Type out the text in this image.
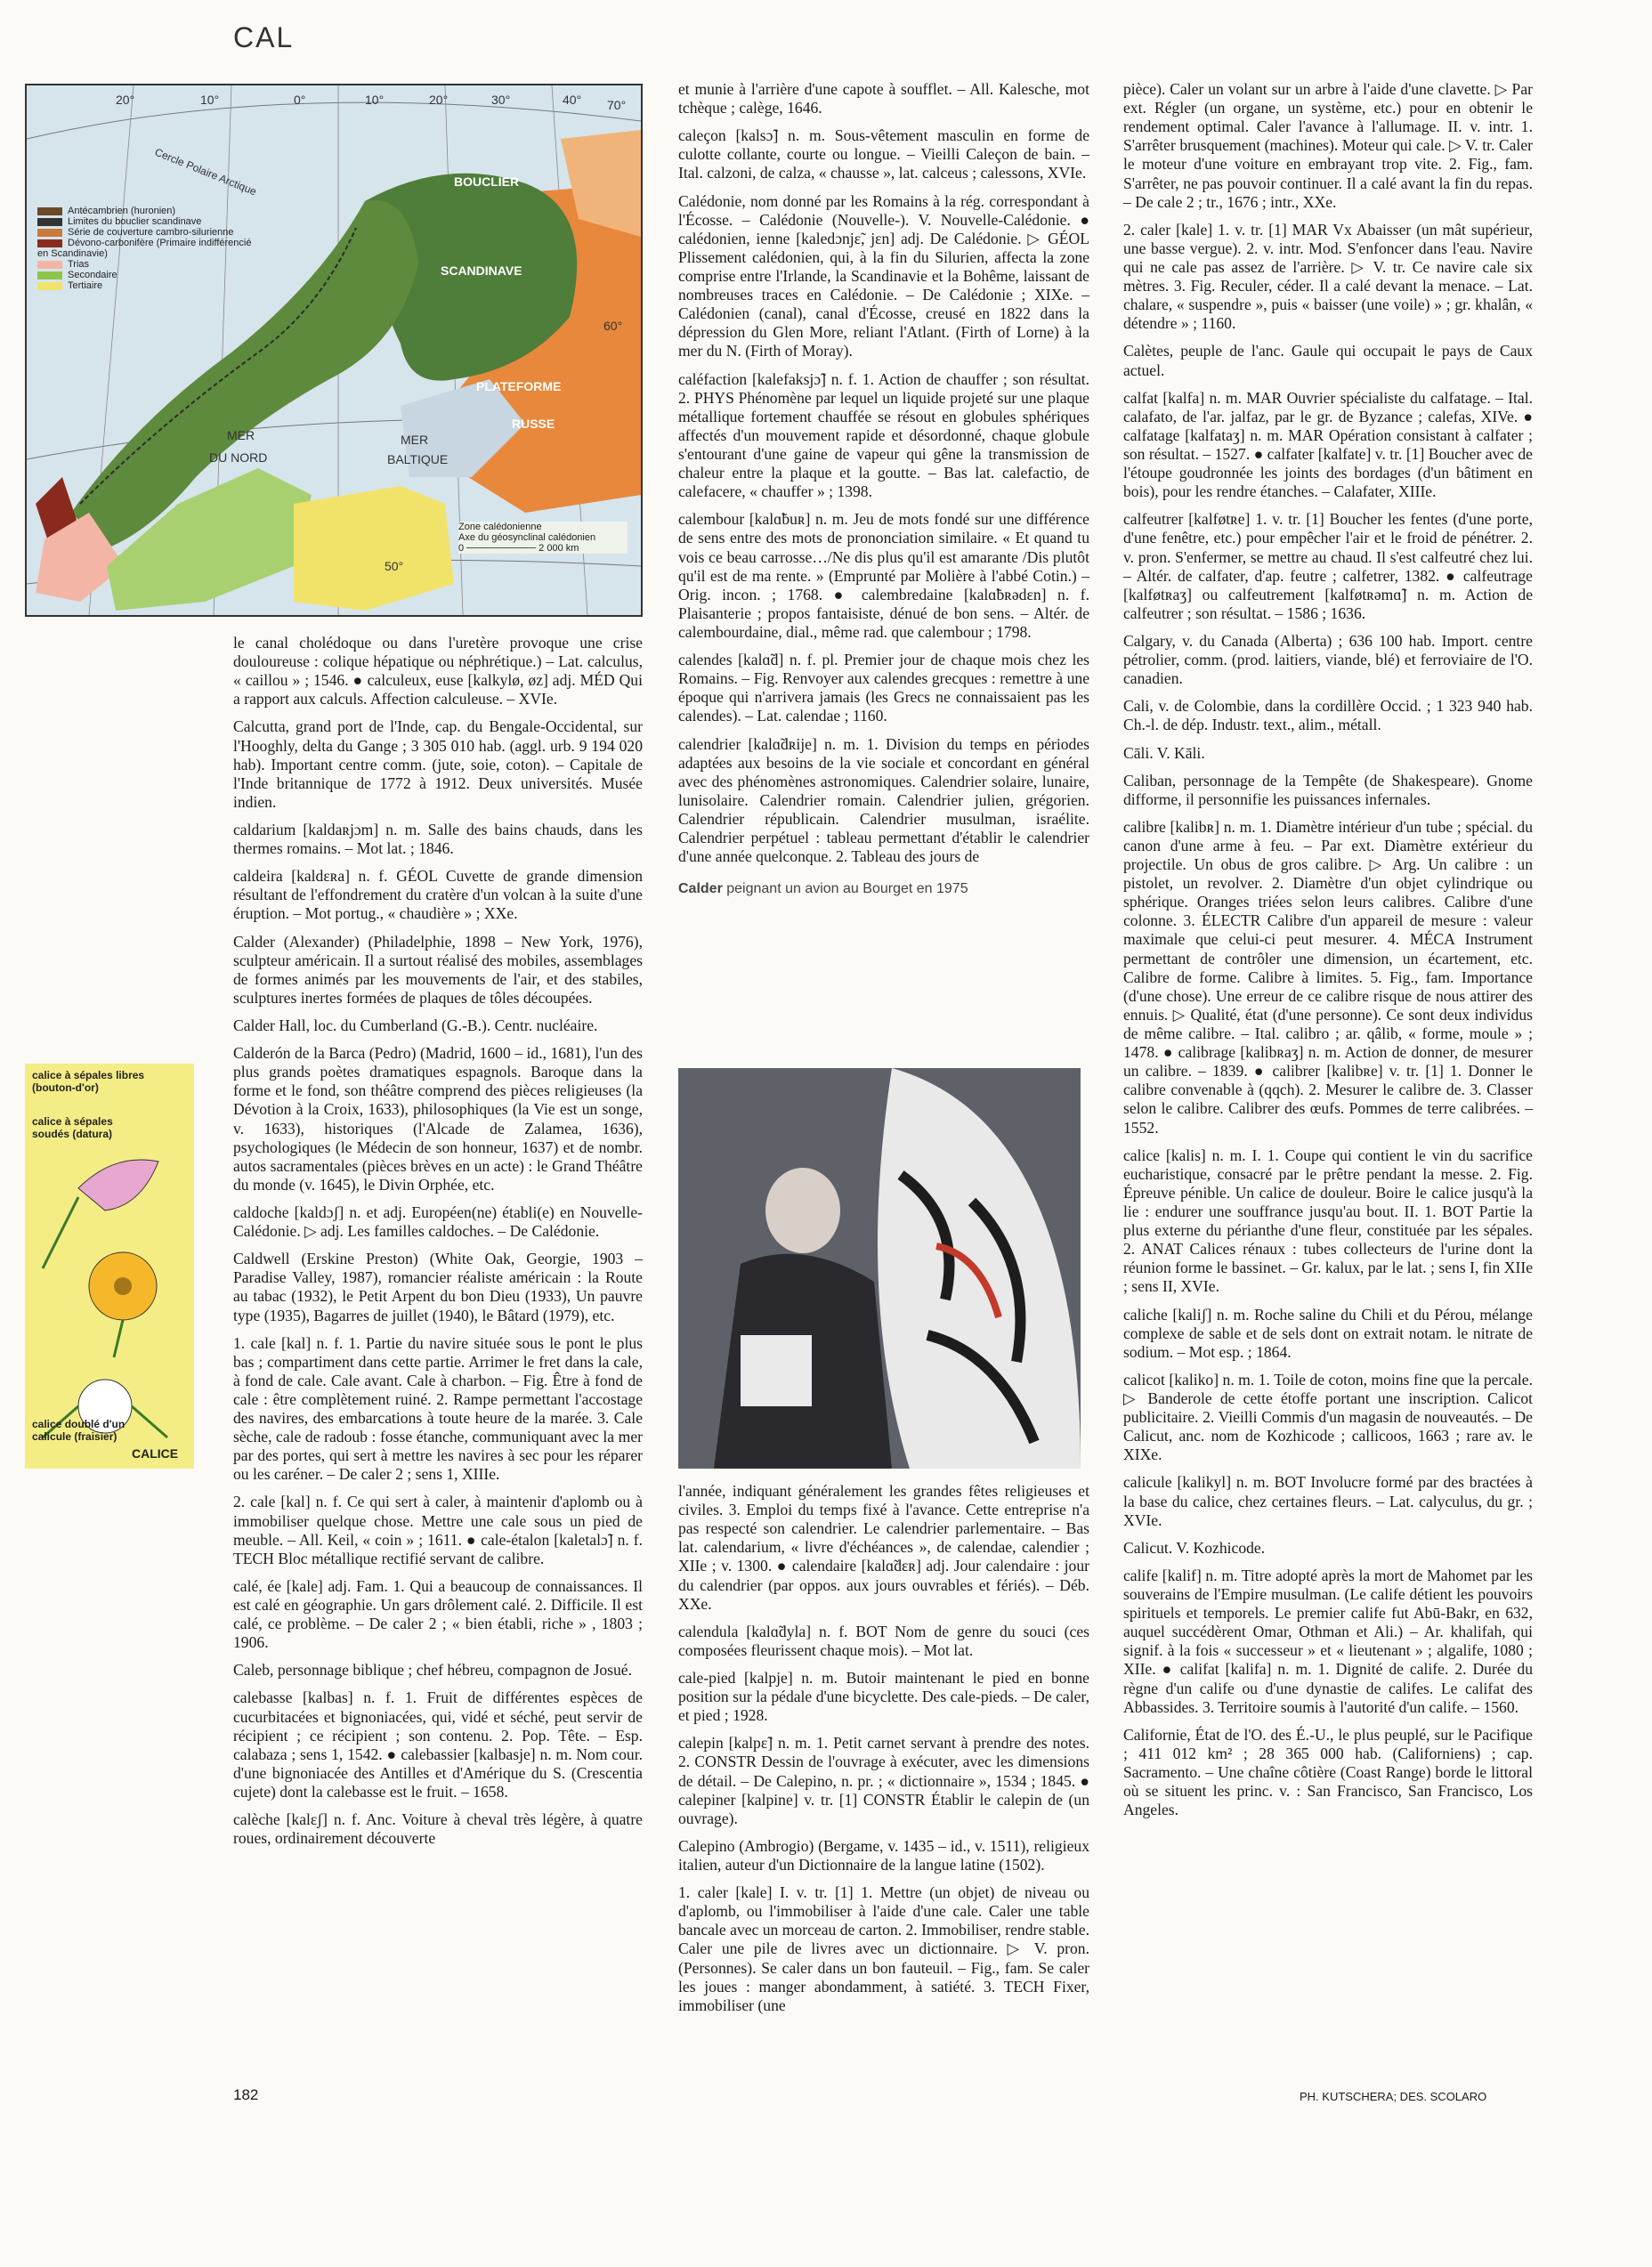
CAL
20°	10°	0°	10°	20°	30°	40° 70°
Cercle Polaire Arctique	BOUCLIER
SCANDINAVE
PLATEFORME
RUSSE
MER
DU NORD
MER
BALTIQUE
60°
50°
Antécambrien (huronien)
Limites du bouclier scandinave
Série de couverture cambro-silurienne
Dévono-carbonifère (Primaire indifférencié en Scandinavie)
Trias
Secondaire
Tertiaire
Zone calédonienne
Axe du géosynclinal calédonien
0 ────────── 2 000 km
calice à sépales libres (bouton-d'or)
calice à sépales soudés (datura)
calice doublé d'un calicule (fraisier)
CALICE

le canal cholédoque ou dans l'uretère provoque une crise douloureuse : colique hépatique ou néphrétique.) – Lat. calculus, « caillou » ; 1546. ● calculeux, euse [kalkylø, øz] adj. MÉD Qui a rapport aux calculs. Affection calculeuse. – XVIe.

Calcutta, grand port de l'Inde, cap. du Bengale-Occidental, sur l'Hooghly, delta du Gange ; 3 305 010 hab. (aggl. urb. 9 194 020 hab). Important centre comm. (jute, soie, coton). – Capitale de l'Inde britannique de 1772 à 1912. Deux universités. Musée indien.

caldarium [kaldaʀjɔm] n. m. Salle des bains chauds, dans les thermes romains. – Mot lat. ; 1846.

caldeira [kaldɛʀa] n. f. GÉOL Cuvette de grande dimension résultant de l'effondrement du cratère d'un volcan à la suite d'une éruption. – Mot portug., « chaudière » ; XXe.

Calder (Alexander) (Philadelphie, 1898 – New York, 1976), sculpteur américain. Il a surtout réalisé des mobiles, assemblages de formes animés par les mouvements de l'air, et des stabiles, sculptures inertes formées de plaques de tôles découpées.

Calder Hall, loc. du Cumberland (G.-B.). Centr. nucléaire.

Calderón de la Barca (Pedro) (Madrid, 1600 – id., 1681), l'un des plus grands poètes dramatiques espagnols. Baroque dans la forme et le fond, son théâtre comprend des pièces religieuses (la Dévotion à la Croix, 1633), philosophiques (la Vie est un songe, v. 1633), historiques (l'Alcade de Zalamea, 1636), psychologiques (le Médecin de son honneur, 1637) et de nombr. autos sacramentales (pièces brèves en un acte) : le Grand Théâtre du monde (v. 1645), le Divin Orphée, etc.

caldoche [kaldɔʃ] n. et adj. Européen(ne) établi(e) en Nouvelle-Calédonie. ▷ adj. Les familles caldoches. – De Calédonie.

Caldwell (Erskine Preston) (White Oak, Georgie, 1903 – Paradise Valley, 1987), romancier réaliste américain : la Route au tabac (1932), le Petit Arpent du bon Dieu (1933), Un pauvre type (1935), Bagarres de juillet (1940), le Bâtard (1979), etc.

1. cale [kal] n. f. 1. Partie du navire située sous le pont le plus bas ; compartiment dans cette partie. Arrimer le fret dans la cale, à fond de cale. Cale avant. Cale à charbon. – Fig. Être à fond de cale : être complètement ruiné. 2. Rampe permettant l'accostage des navires, des embarcations à toute heure de la marée. 3. Cale sèche, cale de radoub : fosse étanche, communiquant avec la mer par des portes, qui sert à mettre les navires à sec pour les réparer ou les caréner. – De caler 2 ; sens 1, XIIIe.

2. cale [kal] n. f. Ce qui sert à caler, à maintenir d'aplomb ou à immobiliser quelque chose. Mettre une cale sous un pied de meuble. – All. Keil, « coin » ; 1611. ● cale-étalon [kaletalɔ̃] n. f. TECH Bloc métallique rectifié servant de calibre.

calé, ée [kale] adj. Fam. 1. Qui a beaucoup de connaissances. Il est calé en géographie. Un gars drôlement calé. 2. Difficile. Il est calé, ce problème. – De caler 2 ; « bien établi, riche » , 1803 ; 1906.

Caleb, personnage biblique ; chef hébreu, compagnon de Josué.

calebasse [kalbas] n. f. 1. Fruit de différentes espèces de cucurbitacées et bignoniacées, qui, vidé et séché, peut servir de récipient ; ce récipient ; son contenu. 2. Pop. Tête. – Esp. calabaza ; sens 1, 1542. ● calebassier [kalbasje] n. m. Nom cour. d'une bignoniacée des Antilles et d'Amérique du S. (Crescentia cujete) dont la calebasse est le fruit. – 1658.

calèche [kalɛʃ] n. f. Anc. Voiture à cheval très légère, à quatre roues, ordinairement découverte

et munie à l'arrière d'une capote à soufflet. – All. Kalesche, mot tchèque ; calège, 1646.

caleçon [kalsɔ̃] n. m. Sous-vêtement masculin en forme de culotte collante, courte ou longue. – Vieilli Caleçon de bain. – Ital. calzoni, de calza, « chausse », lat. calceus ; calessons, XVIe.

Calédonie, nom donné par les Romains à la rég. correspondant à l'Écosse. – Calédonie (Nouvelle-). V. Nouvelle-Calédonie. ● calédonien, ienne [kaledɔnjɛ̃, jɛn] adj. De Calédonie. ▷ GÉOL Plissement calédonien, qui, à la fin du Silurien, affecta la zone comprise entre l'Irlande, la Scandinavie et la Bohême, laissant de nombreuses traces en Calédonie. – De Calédonie ; XIXe. – Calédonien (canal), canal d'Écosse, creusé en 1822 dans la dépression du Glen More, reliant l'Atlant. (Firth of Lorne) à la mer du N. (Firth of Moray).

caléfaction [kalefaksjɔ̃] n. f. 1. Action de chauffer ; son résultat. 2. PHYS Phénomène par lequel un liquide projeté sur une plaque métallique fortement chauffée se résout en globules sphériques affectés d'un mouvement rapide et désordonné, chaque globule s'entourant d'une gaine de vapeur qui gêne la transmission de chaleur entre la plaque et la goutte. – Bas lat. calefactio, de calefacere, « chauffer » ; 1398.

calembour [kalɑ̃buʀ] n. m. Jeu de mots fondé sur une différence de sens entre des mots de prononciation similaire. « Et quand tu vois ce beau carrosse…/Ne dis plus qu'il est amarante /Dis plutôt qu'il est de ma rente. » (Emprunté par Molière à l'abbé Cotin.) – Orig. incon. ; 1768. ● calembredaine [kalɑ̃bʀədɛn] n. f. Plaisanterie ; propos fantaisiste, dénué de bon sens. – Altér. de calembourdaine, dial., même rad. que calembour ; 1798.

calendes [kalɑ̃d] n. f. pl. Premier jour de chaque mois chez les Romains. – Fig. Renvoyer aux calendes grecques : remettre à une époque qui n'arrivera jamais (les Grecs ne connaissaient pas les calendes). – Lat. calendae ; 1160.

calendrier [kalɑ̃dʀije] n. m. 1. Division du temps en périodes adaptées aux besoins de la vie sociale et concordant en général avec des phénomènes astronomiques. Calendrier solaire, lunaire, lunisolaire. Calendrier romain. Calendrier julien, grégorien. Calendrier républicain. Calendrier musulman, israélite. Calendrier perpétuel : tableau permettant d'établir le calendrier d'une année quelconque. 2. Tableau des jours de

Calder peignant un avion au Bourget en 1975

l'année, indiquant généralement les grandes fêtes religieuses et civiles. 3. Emploi du temps fixé à l'avance. Cette entreprise n'a pas respecté son calendrier. Le calendrier parlementaire. – Bas lat. calendarium, « livre d'échéances », de calendae, calendier ; XIIe ; v. 1300. ● calendaire [kalɑ̃dɛʀ] adj. Jour calendaire : jour du calendrier (par oppos. aux jours ouvrables et fériés). – Déb. XXe.

calendula [kalɑ̃dyla] n. f. BOT Nom de genre du souci (ces composées fleurissent chaque mois). – Mot lat.

cale-pied [kalpje] n. m. Butoir maintenant le pied en bonne position sur la pédale d'une bicyclette. Des cale-pieds. – De caler, et pied ; 1928.

calepin [kalpɛ̃] n. m. 1. Petit carnet servant à prendre des notes. 2. CONSTR Dessin de l'ouvrage à exécuter, avec les dimensions de détail. – De Calepino, n. pr. ; « dictionnaire », 1534 ; 1845. ● calepiner [kalpine] v. tr. [1] CONSTR Établir le calepin de (un ouvrage).

Calepino (Ambrogio) (Bergame, v. 1435 – id., v. 1511), religieux italien, auteur d'un Dictionnaire de la langue latine (1502).

1. caler [kale] I. v. tr. [1] 1. Mettre (un objet) de niveau ou d'aplomb, ou l'immobiliser à l'aide d'une cale. Caler une table bancale avec un morceau de carton. 2. Immobiliser, rendre stable. Caler une pile de livres avec un dictionnaire. ▷ V. pron. (Personnes). Se caler dans un bon fauteuil. – Fig., fam. Se caler les joues : manger abondamment, à satiété. 3. TECH Fixer, immobiliser (une

pièce). Caler un volant sur un arbre à l'aide d'une clavette. ▷ Par ext. Régler (un organe, un système, etc.) pour en obtenir le rendement optimal. Caler l'avance à l'allumage. II. v. intr. 1. S'arrêter brusquement (machines). Moteur qui cale. ▷ V. tr. Caler le moteur d'une voiture en embrayant trop vite. 2. Fig., fam. S'arrêter, ne pas pouvoir continuer. Il a calé avant la fin du repas. – De cale 2 ; tr., 1676 ; intr., XXe.

2. caler [kale] 1. v. tr. [1] MAR Vx Abaisser (un mât supérieur, une basse vergue). 2. v. intr. Mod. S'enfoncer dans l'eau. Navire qui ne cale pas assez de l'arrière. ▷ V. tr. Ce navire cale six mètres. 3. Fig. Reculer, céder. Il a calé devant la menace. – Lat. chalare, « suspendre », puis « baisser (une voile) » ; gr. khalân, « détendre » ; 1160.

Calètes, peuple de l'anc. Gaule qui occupait le pays de Caux actuel.

calfat [kalfa] n. m. MAR Ouvrier spécialiste du calfatage. – Ital. calafato, de l'ar. jalfaz, par le gr. de Byzance ; calefas, XIVe. ● calfatage [kalfataʒ] n. m. MAR Opération consistant à calfater ; son résultat. – 1527. ● calfater [kalfate] v. tr. [1] Boucher avec de l'étoupe goudronnée les joints des bordages (d'un bâtiment en bois), pour les rendre étanches. – Calafater, XIIIe.

calfeutrer [kalføtʀe] 1. v. tr. [1] Boucher les fentes (d'une porte, d'une fenêtre, etc.) pour empêcher l'air et le froid de pénétrer. 2. v. pron. S'enfermer, se mettre au chaud. Il s'est calfeutré chez lui. – Altér. de calfater, d'ap. feutre ; calfetrer, 1382. ● calfeutrage [kalføtʀaʒ] ou calfeutrement [kalføtʀəmɑ̃] n. m. Action de calfeutrer ; son résultat. – 1586 ; 1636.

Calgary, v. du Canada (Alberta) ; 636 100 hab. Import. centre pétrolier, comm. (prod. laitiers, viande, blé) et ferroviaire de l'O. canadien.

Cali, v. de Colombie, dans la cordillère Occid. ; 1 323 940 hab. Ch.-l. de dép. Industr. text., alim., métall.

Cāli. V. Kāli.

Caliban, personnage de la Tempête (de Shakespeare). Gnome difforme, il personnifie les puissances infernales.

calibre [kalibʀ] n. m. 1. Diamètre intérieur d'un tube ; spécial. du canon d'une arme à feu. – Par ext. Diamètre extérieur du projectile. Un obus de gros calibre. ▷ Arg. Un calibre : un pistolet, un revolver. 2. Diamètre d'un objet cylindrique ou sphérique. Oranges triées selon leurs calibres. Calibre d'une colonne. 3. ÉLECTR Calibre d'un appareil de mesure : valeur maximale que celui-ci peut mesurer. 4. MÉCA Instrument permettant de contrôler une dimension, un écartement, etc. Calibre de forme. Calibre à limites. 5. Fig., fam. Importance (d'une chose). Une erreur de ce calibre risque de nous attirer des ennuis. ▷ Qualité, état (d'une personne). Ce sont deux individus de même calibre. – Ital. calibro ; ar. qâlib, « forme, moule » ; 1478. ● calibrage [kalibʀaʒ] n. m. Action de donner, de mesurer un calibre. – 1839. ● calibrer [kalibʀe] v. tr. [1] 1. Donner le calibre convenable à (qqch). 2. Mesurer le calibre de. 3. Classer selon le calibre. Calibrer des œufs. Pommes de terre calibrées. – 1552.

calice [kalis] n. m. I. 1. Coupe qui contient le vin du sacrifice eucharistique, consacré par le prêtre pendant la messe. 2. Fig. Épreuve pénible. Un calice de douleur. Boire le calice jusqu'à la lie : endurer une souffrance jusqu'au bout. II. 1. BOT Partie la plus externe du périanthe d'une fleur, constituée par les sépales. 2. ANAT Calices rénaux : tubes collecteurs de l'urine dont la réunion forme le bassinet. – Gr. kalux, par le lat. ; sens I, fin XIIe ; sens II, XVIe.

caliche [kaliʃ] n. m. Roche saline du Chili et du Pérou, mélange complexe de sable et de sels dont on extrait notam. le nitrate de sodium. – Mot esp. ; 1864.

calicot [kaliko] n. m. 1. Toile de coton, moins fine que la percale. ▷ Banderole de cette étoffe portant une inscription. Calicot publicitaire. 2. Vieilli Commis d'un magasin de nouveautés. – De Calicut, anc. nom de Kozhicode ; callicoos, 1663 ; rare av. le XIXe.

calicule [kalikyl] n. m. BOT Involucre formé par des bractées à la base du calice, chez certaines fleurs. – Lat. calyculus, du gr. ; XVIe.

Calicut. V. Kozhicode.

calife [kalif] n. m. Titre adopté après la mort de Mahomet par les souverains de l'Empire musulman. (Le calife détient les pouvoirs spirituels et temporels. Le premier calife fut Abū-Bakr, en 632, auquel succédèrent Omar, Othman et Ali.) – Ar. khalifah, qui signif. à la fois « successeur » et « lieutenant » ; algalife, 1080 ; XIIe. ● califat [kalifa] n. m. 1. Dignité de calife. 2. Durée du règne d'un calife ou d'une dynastie de califes. Le califat des Abbassides. 3. Territoire soumis à l'autorité d'un calife. – 1560.

Californie, État de l'O. des É.-U., le plus peuplé, sur le Pacifique ; 411 012 km² ; 28 365 000 hab. (Californiens) ; cap. Sacramento. – Une chaîne côtière (Coast Range) borde le littoral où se situent les princ. v. : San Francisco, San Francisco, Los Angeles.

182	PH. KUTSCHERA; DES. SCOLARO
